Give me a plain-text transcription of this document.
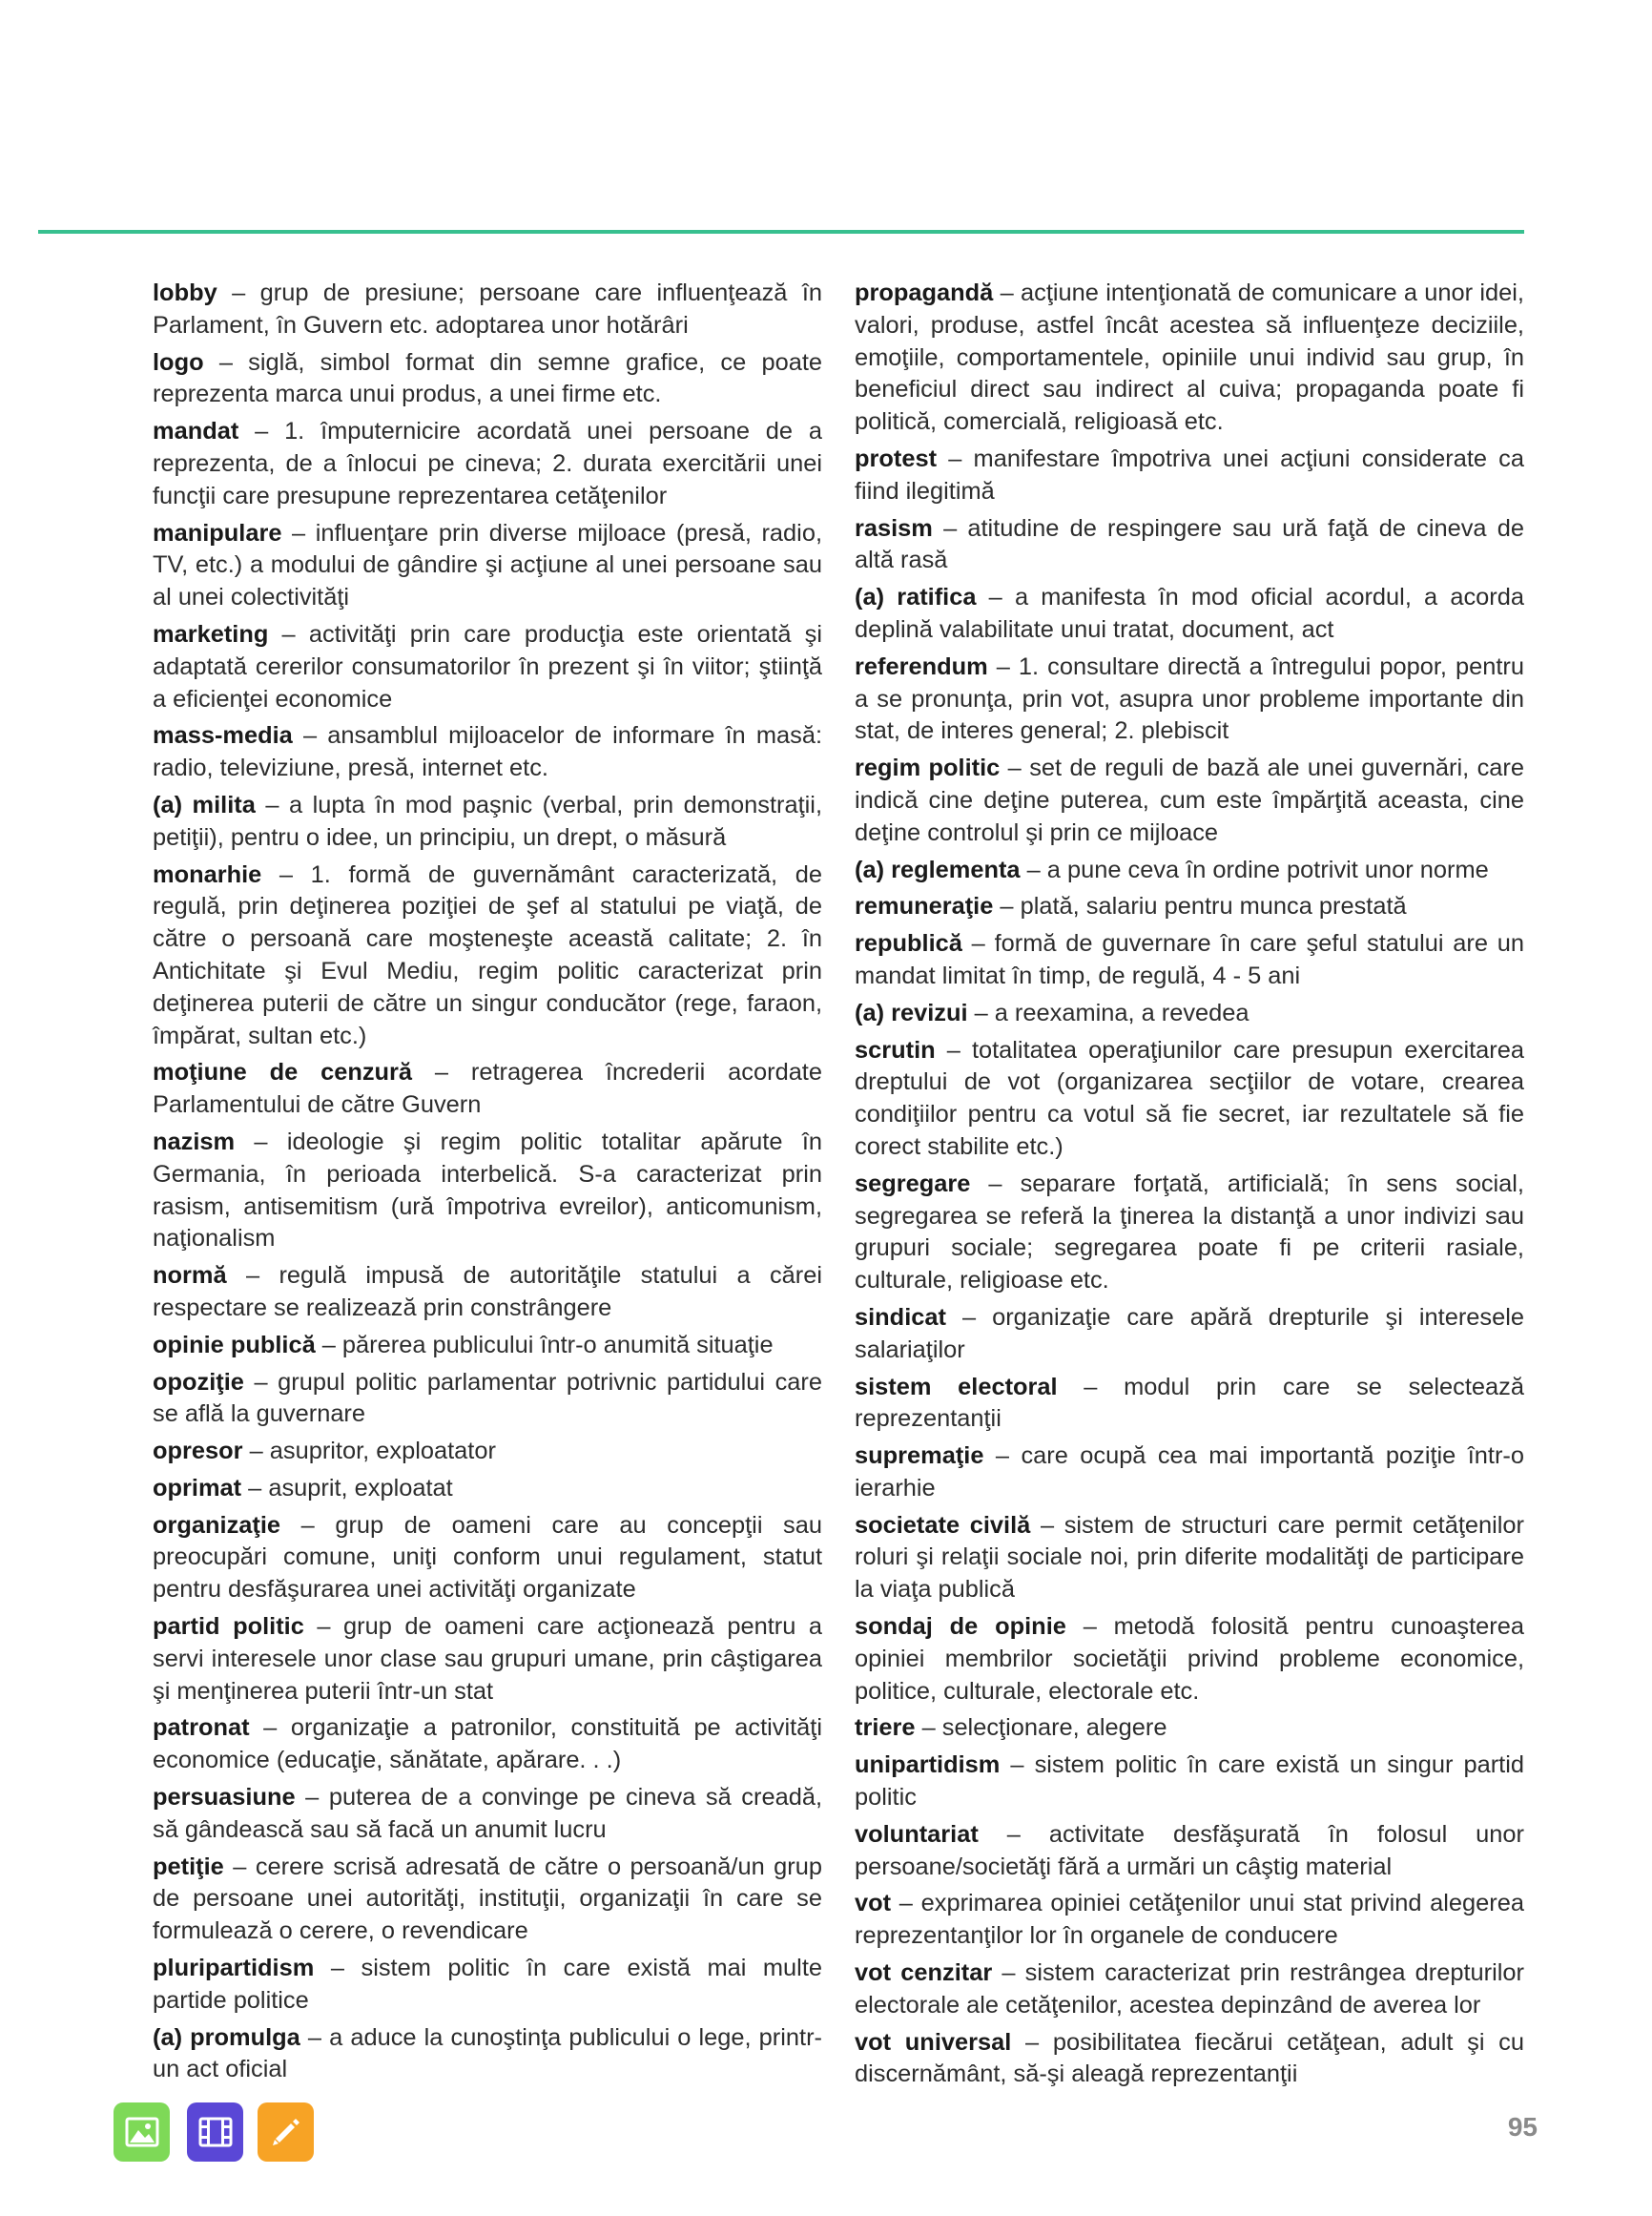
lobby – grup de presiune; persoane care influenţează în Parlament, în Guvern etc. adoptarea unor hotărâri

logo – siglă, simbol format din semne grafice, ce poate reprezenta marca unui produs, a unei firme etc.

mandat – 1. împuternicire acordată unei persoane de a reprezenta, de a înlocui pe cineva; 2. durata exercitării unei funcţii care presupune reprezentarea cetăţenilor

manipulare – influenţare prin diverse mijloace (presă, radio, TV, etc.) a modului de gândire şi acţiune al unei persoane sau al unei colectivităţi

marketing – activităţi prin care producţia este orientată şi adaptată cererilor consumatorilor în prezent şi în viitor; ştiinţă a eficienţei economice

mass-media – ansamblul mijloacelor de informare în masă: radio, televiziune, presă, internet etc.

(a) milita – a lupta în mod paşnic (verbal, prin demonstraţii, petiţii), pentru o idee, un principiu, un drept, o măsură

monarhie – 1. formă de guvernământ caracterizată, de regulă, prin deţinerea poziţiei de şef al statului pe viaţă, de către o persoană care moşteneşte această calitate; 2. în Antichitate şi Evul Mediu, regim politic caracterizat prin deţinerea puterii de către un singur conducător (rege, faraon, împărat, sultan etc.)

moţiune de cenzură – retragerea încrederii acordate Parlamentului de către Guvern

nazism – ideologie şi regim politic totalitar apărute în Germania, în perioada interbelică. S-a caracterizat prin rasism, antisemitism (ură împotriva evreilor), anticomunism, naţionalism

normă – regulă impusă de autorităţile statului a cărei respectare se realizează prin constrângere

opinie publică – părerea publicului într-o anumită situaţie

opoziţie – grupul politic parlamentar potrivnic partidului care se află la guvernare

opresor – asupritor, exploatator

oprimat – asuprit, exploatat

organizaţie – grup de oameni care au concepţii sau preocupări comune, uniţi conform unui regulament, statut pentru desfăşurarea unei activităţi organizate

partid politic – grup de oameni care acţionează pentru a servi interesele unor clase sau grupuri umane, prin câştigarea şi menţinerea puterii într-un stat

patronat – organizaţie a patronilor, constituită pe activităţi economice (educaţie, sănătate, apărare. . .)

persuasiune – puterea de a convinge pe cineva să creadă, să gândească sau să facă un anumit lucru

petiţie – cerere scrisă adresată de către o persoană/un grup de persoane unei autorităţi, instituţii, organizaţii în care se formulează o cerere, o revendicare

pluripartidism – sistem politic în care există mai multe partide politice

(a) promulga – a aduce la cunoştinţa publicului o lege, printr-un act oficial

propagandă – acţiune intenţionată de comunicare a unor idei, valori, produse, astfel încât acestea să influenţeze deciziile, emoţiile, comportamentele, opiniile unui individ sau grup, în beneficiul direct sau indirect al cuiva; propaganda poate fi politică, comercială, religioasă etc.

protest – manifestare împotriva unei acţiuni considerate ca fiind ilegitimă

rasism – atitudine de respingere sau ură faţă de cineva de altă rasă

(a) ratifica – a manifesta în mod oficial acordul, a acorda deplină valabilitate unui tratat, document, act

referendum – 1. consultare directă a întregului popor, pentru a se pronunţa, prin vot, asupra unor probleme importante din stat, de interes general; 2. plebiscit

regim politic – set de reguli de bază ale unei guvernări, care indică cine deţine puterea, cum este împărţită aceasta, cine deţine controlul şi prin ce mijloace

(a) reglementa – a pune ceva în ordine potrivit unor norme

remuneraţie – plată, salariu pentru munca prestată

republică – formă de guvernare în care şeful statului are un mandat limitat în timp, de regulă, 4 - 5 ani

(a) revizui – a reexamina, a revedea

scrutin – totalitatea operaţiunilor care presupun exercitarea dreptului de vot (organizarea secţiilor de votare, crearea condiţiilor pentru ca votul să fie secret, iar rezultatele să fie corect stabilite etc.)

segregare – separare forţată, artificială; în sens social, segregarea se referă la ţinerea la distanţă a unor indivizi sau grupuri sociale; segregarea poate fi pe criterii rasiale, culturale, religioase etc.

sindicat – organizaţie care apără drepturile şi interesele salariaţilor

sistem electoral – modul prin care se selectează reprezentanţii

supremaţie – care ocupă cea mai importantă poziţie într-o ierarhie

societate civilă – sistem de structuri care permit cetăţenilor roluri şi relaţii sociale noi, prin diferite modalităţi de participare la viaţa publică

sondaj de opinie – metodă folosită pentru cunoaşterea opiniei membrilor societăţii privind probleme economice, politice, culturale, electorale etc.

triere – selecţionare, alegere

unipartidism – sistem politic în care există un singur partid politic

voluntariat – activitate desfăşurată în folosul unor persoane/societăţi fără a urmări un câştig material

vot – exprimarea opiniei cetăţenilor unui stat privind alegerea reprezentanţilor lor în organele de conducere

vot cenzitar – sistem caracterizat prin restrângea drepturilor electorale ale cetăţenilor, acestea depinzând de averea lor

vot universal – posibilitatea fiecărui cetăţean, adult şi cu discernământ, să-şi aleagă reprezentanţii

95
